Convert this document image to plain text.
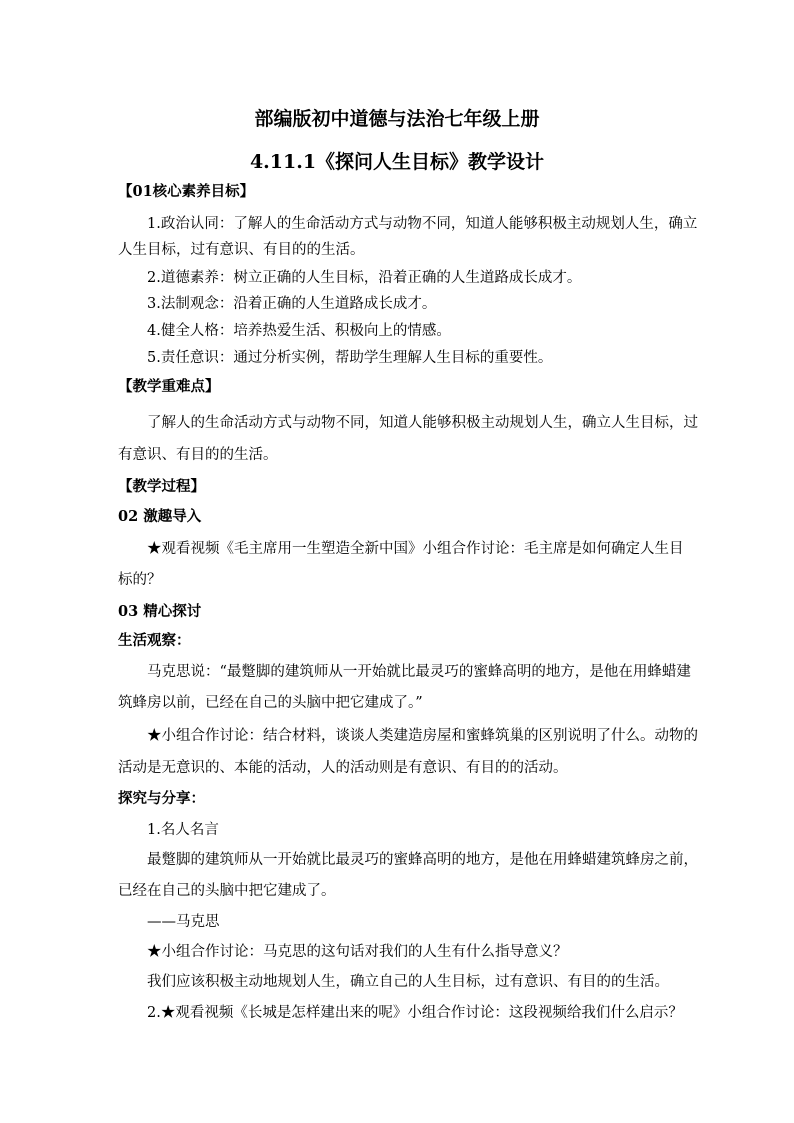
部编版初中道德与法治七年级上册
4.11.1《探问人生目标》教学设计
【01核心素养目标】
1.政治认同：了解人的生命活动方式与动物不同，知道人能够积极主动规划人生，确立
人生目标，过有意识、有目的的生活。
2.道德素养：树立正确的人生目标，沿着正确的人生道路成长成才。
3.法制观念：沿着正确的人生道路成长成才。
4.健全人格：培养热爱生活、积极向上的情感。
5.责任意识：通过分析实例，帮助学生理解人生目标的重要性。
【教学重难点】
了解人的生命活动方式与动物不同，知道人能够积极主动规划人生，确立人生目标，过
有意识、有目的的生活。
【教学过程】
02 激趣导入
★观看视频《毛主席用一生塑造全新中国》小组合作讨论：毛主席是如何确定人生目
标的？
03 精心探讨
生活观察：
马克思说：“最蹩脚的建筑师从一开始就比最灵巧的蜜蜂高明的地方，是他在用蜂蜡建
筑蜂房以前，已经在自己的头脑中把它建成了。”
★小组合作讨论：结合材料，谈谈人类建造房屋和蜜蜂筑巢的区别说明了什么。动物的
活动是无意识的、本能的活动，人的活动则是有意识、有目的的活动。
探究与分享：
1.名人名言
最蹩脚的建筑师从一开始就比最灵巧的蜜蜂高明的地方，是他在用蜂蜡建筑蜂房之前，
已经在自己的头脑中把它建成了。
——马克思
★小组合作讨论：马克思的这句话对我们的人生有什么指导意义？
我们应该积极主动地规划人生，确立自己的人生目标，过有意识、有目的的生活。
2.★观看视频《长城是怎样建出来的呢》小组合作讨论：这段视频给我们什么启示？
